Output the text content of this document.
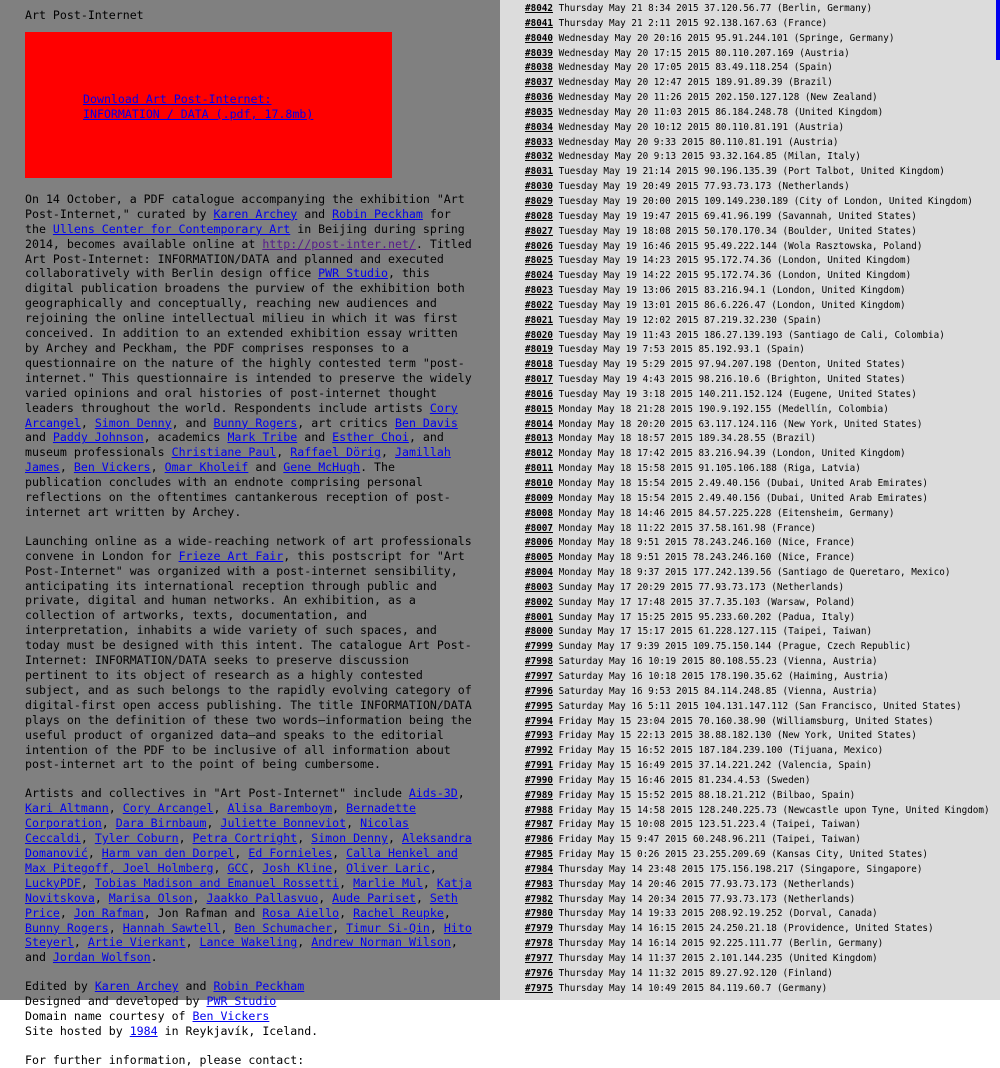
Art Post-Internet
Download Art Post-Internet:
INFORMATION / DATA (.pdf, 17.8mb)

On 14 October, a PDF catalogue accompanying the exhibition "Art Post-Internet," curated by Karen Archey and Robin Peckham for the Ullens Center for Contemporary Art in Beijing during spring 2014, becomes available online at http://post-inter.net/. Titled Art Post-Internet: INFORMATION/DATA and planned and executed collaboratively with Berlin design office PWR Studio, this digital publication broadens the purview of the exhibition both geographically and conceptually, reaching new audiences and rejoining the online intellectual milieu in which it was first conceived. In addition to an extended exhibition essay written by Archey and Peckham, the PDF comprises responses to a questionnaire on the nature of the highly contested term "post-internet." This questionnaire is intended to preserve the widely varied opinions and oral histories of post-internet thought leaders throughout the world. Respondents include artists Cory Arcangel, Simon Denny, and Bunny Rogers, art critics Ben Davis and Paddy Johnson, academics Mark Tribe and Esther Choi, and museum professionals Christiane Paul, Raffael Dörig, Jamillah James, Ben Vickers, Omar Kholeif and Gene McHugh. The publication concludes with an endnote comprising personal reflections on the oftentimes cantankerous reception of post-internet art written by Archey.

Launching online as a wide-reaching network of art professionals convene in London for Frieze Art Fair, this postscript for "Art Post-Internet" was organized with a post-internet sensibility, anticipating its international reception through public and private, digital and human networks. An exhibition, as a collection of artworks, texts, documentation, and interpretation, inhabits a wide variety of such spaces, and today must be designed with this intent. The catalogue Art Post-Internet: INFORMATION/DATA seeks to preserve discussion pertinent to its object of research as a highly contested subject, and as such belongs to the rapidly evolving category of digital-first open access publishing. The title INFORMATION/DATA plays on the definition of these two words—information being the useful product of organized data—and speaks to the editorial intention of the PDF to be inclusive of all information about post-internet art to the point of being cumbersome.

Artists and collectives in "Art Post-Internet" include Aids-3D, Kari Altmann, Cory Arcangel, Alisa Baremboym, Bernadette Corporation, Dara Birnbaum, Juliette Bonneviot, Nicolas Ceccaldi, Tyler Coburn, Petra Cortright, Simon Denny, Aleksandra Domanović, Harm van den Dorpel, Ed Fornieles, Calla Henkel and Max Pitegoff, Joel Holmberg, GCC, Josh Kline, Oliver Laric, LuckyPDF, Tobias Madison and Emanuel Rossetti, Marlie Mul, Katja Novitskova, Marisa Olson, Jaakko Pallasvuo, Aude Pariset, Seth Price, Jon Rafman, Jon Rafman and Rosa Aiello, Rachel Reupke, Bunny Rogers, Hannah Sawtell, Ben Schumacher, Timur Si-Qin, Hito Steyerl, Artie Vierkant, Lance Wakeling, Andrew Norman Wilson, and Jordan Wolfson.

Edited by Karen Archey and Robin Peckham
Designed and developed by PWR Studio
Domain name courtesy of Ben Vickers
Site hosted by 1984 in Reykjavík, Iceland.

For further information, please contact:

#8042 Thursday May 21 8:34 2015 37.120.56.77 (Berlin, Germany)
#8041 Thursday May 21 2:11 2015 92.138.167.63 (France)
#8040 Wednesday May 20 20:16 2015 95.91.244.101 (Springe, Germany)
#8039 Wednesday May 20 17:15 2015 80.110.207.169 (Austria)
#8038 Wednesday May 20 17:05 2015 83.49.118.254 (Spain)
#8037 Wednesday May 20 12:47 2015 189.91.89.39 (Brazil)
#8036 Wednesday May 20 11:26 2015 202.150.127.128 (New Zealand)
#8035 Wednesday May 20 11:03 2015 86.184.248.78 (United Kingdom)
#8034 Wednesday May 20 10:12 2015 80.110.81.191 (Austria)
#8033 Wednesday May 20 9:33 2015 80.110.81.191 (Austria)
#8032 Wednesday May 20 9:13 2015 93.32.164.85 (Milan, Italy)
#8031 Tuesday May 19 21:14 2015 90.196.135.39 (Port Talbot, United Kingdom)
#8030 Tuesday May 19 20:49 2015 77.93.73.173 (Netherlands)
#8029 Tuesday May 19 20:00 2015 109.149.230.189 (City of London, United Kingdom)
#8028 Tuesday May 19 19:47 2015 69.41.96.199 (Savannah, United States)
#8027 Tuesday May 19 18:08 2015 50.170.170.34 (Boulder, United States)
#8026 Tuesday May 19 16:46 2015 95.49.222.144 (Wola Rasztowska, Poland)
#8025 Tuesday May 19 14:23 2015 95.172.74.36 (London, United Kingdom)
#8024 Tuesday May 19 14:22 2015 95.172.74.36 (London, United Kingdom)
#8023 Tuesday May 19 13:06 2015 83.216.94.1 (London, United Kingdom)
#8022 Tuesday May 19 13:01 2015 86.6.226.47 (London, United Kingdom)
#8021 Tuesday May 19 12:02 2015 87.219.32.230 (Spain)
#8020 Tuesday May 19 11:43 2015 186.27.139.193 (Santiago de Cali, Colombia)
#8019 Tuesday May 19 7:53 2015 85.192.93.1 (Spain)
#8018 Tuesday May 19 5:29 2015 97.94.207.198 (Denton, United States)
#8017 Tuesday May 19 4:43 2015 98.216.10.6 (Brighton, United States)
#8016 Tuesday May 19 3:18 2015 140.211.152.124 (Eugene, United States)
#8015 Monday May 18 21:28 2015 190.9.192.155 (Medellín, Colombia)
#8014 Monday May 18 20:20 2015 63.117.124.116 (New York, United States)
#8013 Monday May 18 18:57 2015 189.34.28.55 (Brazil)
#8012 Monday May 18 17:42 2015 83.216.94.39 (London, United Kingdom)
#8011 Monday May 18 15:58 2015 91.105.106.188 (Riga, Latvia)
#8010 Monday May 18 15:54 2015 2.49.40.156 (Dubai, United Arab Emirates)
#8009 Monday May 18 15:54 2015 2.49.40.156 (Dubai, United Arab Emirates)
#8008 Monday May 18 14:46 2015 84.57.225.228 (Eitensheim, Germany)
#8007 Monday May 18 11:22 2015 37.58.161.98 (France)
#8006 Monday May 18 9:51 2015 78.243.246.160 (Nice, France)
#8005 Monday May 18 9:51 2015 78.243.246.160 (Nice, France)
#8004 Monday May 18 9:37 2015 177.242.139.56 (Santiago de Queretaro, Mexico)
#8003 Sunday May 17 20:29 2015 77.93.73.173 (Netherlands)
#8002 Sunday May 17 17:48 2015 37.7.35.103 (Warsaw, Poland)
#8001 Sunday May 17 15:25 2015 95.233.60.202 (Padua, Italy)
#8000 Sunday May 17 15:17 2015 61.228.127.115 (Taipei, Taiwan)
#7999 Sunday May 17 9:39 2015 109.75.150.144 (Prague, Czech Republic)
#7998 Saturday May 16 10:19 2015 80.108.55.23 (Vienna, Austria)
#7997 Saturday May 16 10:18 2015 178.190.35.62 (Haiming, Austria)
#7996 Saturday May 16 9:53 2015 84.114.248.85 (Vienna, Austria)
#7995 Saturday May 16 5:11 2015 104.131.147.112 (San Francisco, United States)
#7994 Friday May 15 23:04 2015 70.160.38.90 (Williamsburg, United States)
#7993 Friday May 15 22:13 2015 38.88.182.130 (New York, United States)
#7992 Friday May 15 16:52 2015 187.184.239.100 (Tijuana, Mexico)
#7991 Friday May 15 16:49 2015 37.14.221.242 (Valencia, Spain)
#7990 Friday May 15 16:46 2015 81.234.4.53 (Sweden)
#7989 Friday May 15 15:52 2015 88.18.21.212 (Bilbao, Spain)
#7988 Friday May 15 14:58 2015 128.240.225.73 (Newcastle upon Tyne, United Kingdom)
#7987 Friday May 15 10:08 2015 123.51.223.4 (Taipei, Taiwan)
#7986 Friday May 15 9:47 2015 60.248.96.211 (Taipei, Taiwan)
#7985 Friday May 15 0:26 2015 23.255.209.69 (Kansas City, United States)
#7984 Thursday May 14 23:48 2015 175.156.198.217 (Singapore, Singapore)
#7983 Thursday May 14 20:46 2015 77.93.73.173 (Netherlands)
#7982 Thursday May 14 20:34 2015 77.93.73.173 (Netherlands)
#7980 Thursday May 14 19:33 2015 208.92.19.252 (Dorval, Canada)
#7979 Thursday May 14 16:15 2015 24.250.21.18 (Providence, United States)
#7978 Thursday May 14 16:14 2015 92.225.111.77 (Berlin, Germany)
#7977 Thursday May 14 11:37 2015 2.101.144.235 (United Kingdom)
#7976 Thursday May 14 11:32 2015 89.27.92.120 (Finland)
#7975 Thursday May 14 10:49 2015 84.119.60.7 (Germany)
